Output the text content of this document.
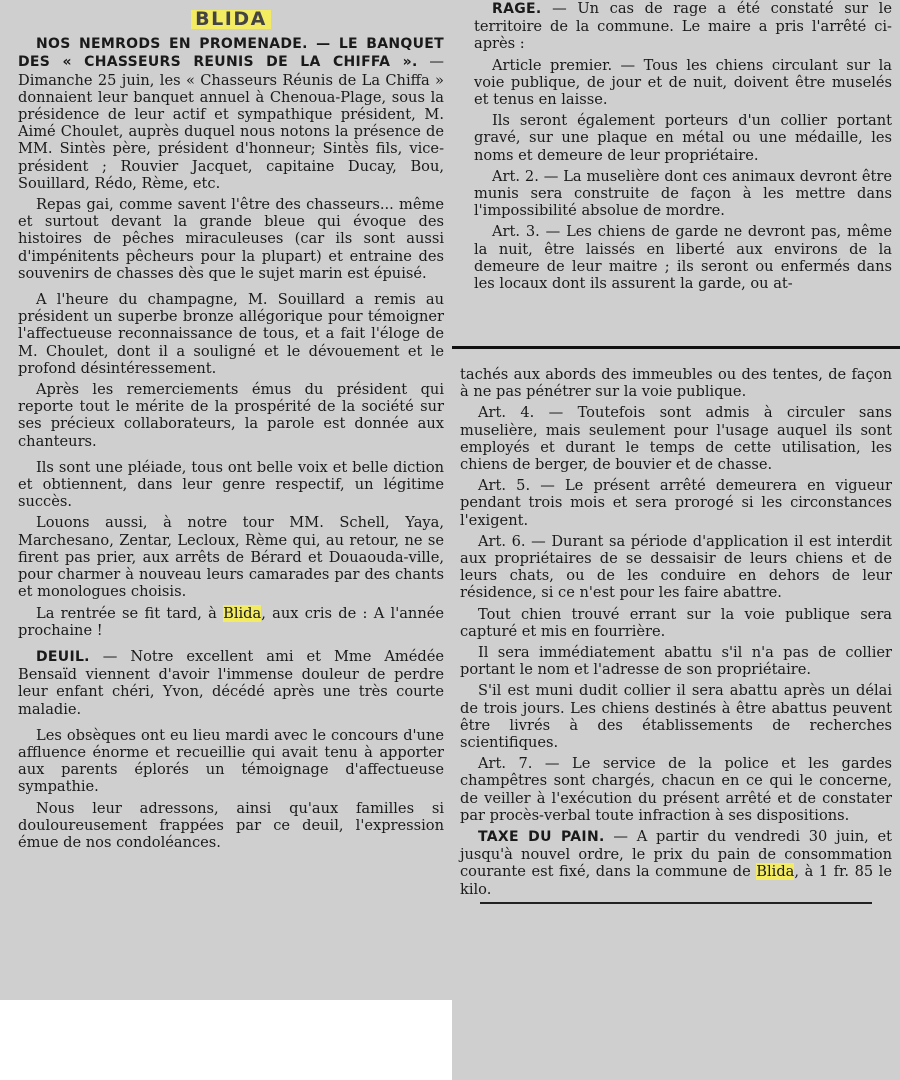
BLIDA

NOS NEMRODS EN PROMENADE. — LE BANQUET DES « CHASSEURS REUNIS DE LA CHIFFA ». — Dimanche 25 juin, les « Chasseurs Réunis de La Chiffa » donnaient leur banquet annuel à Chenoua-Plage, sous la présidence de leur actif et sympathique président, M. Aimé Choulet, auprès duquel nous notons la présence de MM. Sintès père, président d'honneur; Sintès fils, vice-président ; Rouvier Jacquet, capitaine Ducay, Bou, Souillard, Rédo, Rème, etc.

Repas gai, comme savent l'être des chasseurs... même et surtout devant la grande bleue qui évoque des histoires de pêches miraculeuses (car ils sont aussi d'impénitents pêcheurs pour la plupart) et entraine des souvenirs de chasses dès que le sujet marin est épuisé.

A l'heure du champagne, M. Souillard a remis au président un superbe bronze allégorique pour témoigner l'affectueuse reconnaissance de tous, et a fait l'éloge de M. Choulet, dont il a souligné et le dévouement et le profond désintéressement.

Après les remerciements émus du président qui reporte tout le mérite de la prospérité de la société sur ses précieux collaborateurs, la parole est donnée aux chanteurs.

Ils sont une pléiade, tous ont belle voix et belle diction et obtiennent, dans leur genre respectif, un légitime succès.

Louons aussi, à notre tour MM. Schell, Yaya, Marchesano, Zentar, Lecloux, Rème qui, au retour, ne se firent pas prier, aux arrêts de Bérard et Douaouda-ville, pour charmer à nouveau leurs camarades par des chants et monologues choisis.

La rentrée se fit tard, à Blida, aux cris de : A l'année prochaine !

DEUIL. — Notre excellent ami et Mme Amédée Bensaïd viennent d'avoir l'immense douleur de perdre leur enfant chéri, Yvon, décédé après une très courte maladie.

Les obsèques ont eu lieu mardi avec le concours d'une affluence énorme et recueillie qui avait tenu à apporter aux parents éplorés un témoignage d'affectueuse sympathie.

Nous leur adressons, ainsi qu'aux familles si douloureusement frappées par ce deuil, l'expression émue de nos condoléances.

RAGE. — Un cas de rage a été constaté sur le territoire de la commune. Le maire a pris l'arrêté ci-après :

Article premier. — Tous les chiens circulant sur la voie publique, de jour et de nuit, doivent être muselés et tenus en laisse.

Ils seront également porteurs d'un collier portant gravé, sur une plaque en métal ou une médaille, les noms et demeure de leur propriétaire.

Art. 2. — La muselière dont ces animaux devront être munis sera construite de façon à les mettre dans l'impossibilité absolue de mordre.

Art. 3. — Les chiens de garde ne devront pas, même la nuit, être laissés en liberté aux environs de la demeure de leur maitre ; ils seront ou enfermés dans les locaux dont ils assurent la garde, ou at-

tachés aux abords des immeubles ou des tentes, de façon à ne pas pénétrer sur la voie publique.

Art. 4. — Toutefois sont admis à circuler sans muselière, mais seulement pour l'usage auquel ils sont employés et durant le temps de cette utilisation, les chiens de berger, de bouvier et de chasse.

Art. 5. — Le présent arrêté demeurera en vigueur pendant trois mois et sera prorogé si les circonstances l'exigent.

Art. 6. — Durant sa période d'application il est interdit aux propriétaires de se dessaisir de leurs chiens et de leurs chats, ou de les conduire en dehors de leur résidence, si ce n'est pour les faire abattre.

Tout chien trouvé errant sur la voie publique sera capturé et mis en fourrière.

Il sera immédiatement abattu s'il n'a pas de collier portant le nom et l'adresse de son propriétaire.

S'il est muni dudit collier il sera abattu après un délai de trois jours. Les chiens destinés à être abattus peuvent être livrés à des établissements de recherches scientifiques.

Art. 7. — Le service de la police et les gardes champêtres sont chargés, chacun en ce qui le concerne, de veiller à l'exécution du présent arrêté et de constater par procès-verbal toute infraction à ses dispositions.

TAXE DU PAIN. — A partir du vendredi 30 juin, et jusqu'à nouvel ordre, le prix du pain de consommation courante est fixé, dans la commune de Blida, à 1 fr. 85 le kilo.
